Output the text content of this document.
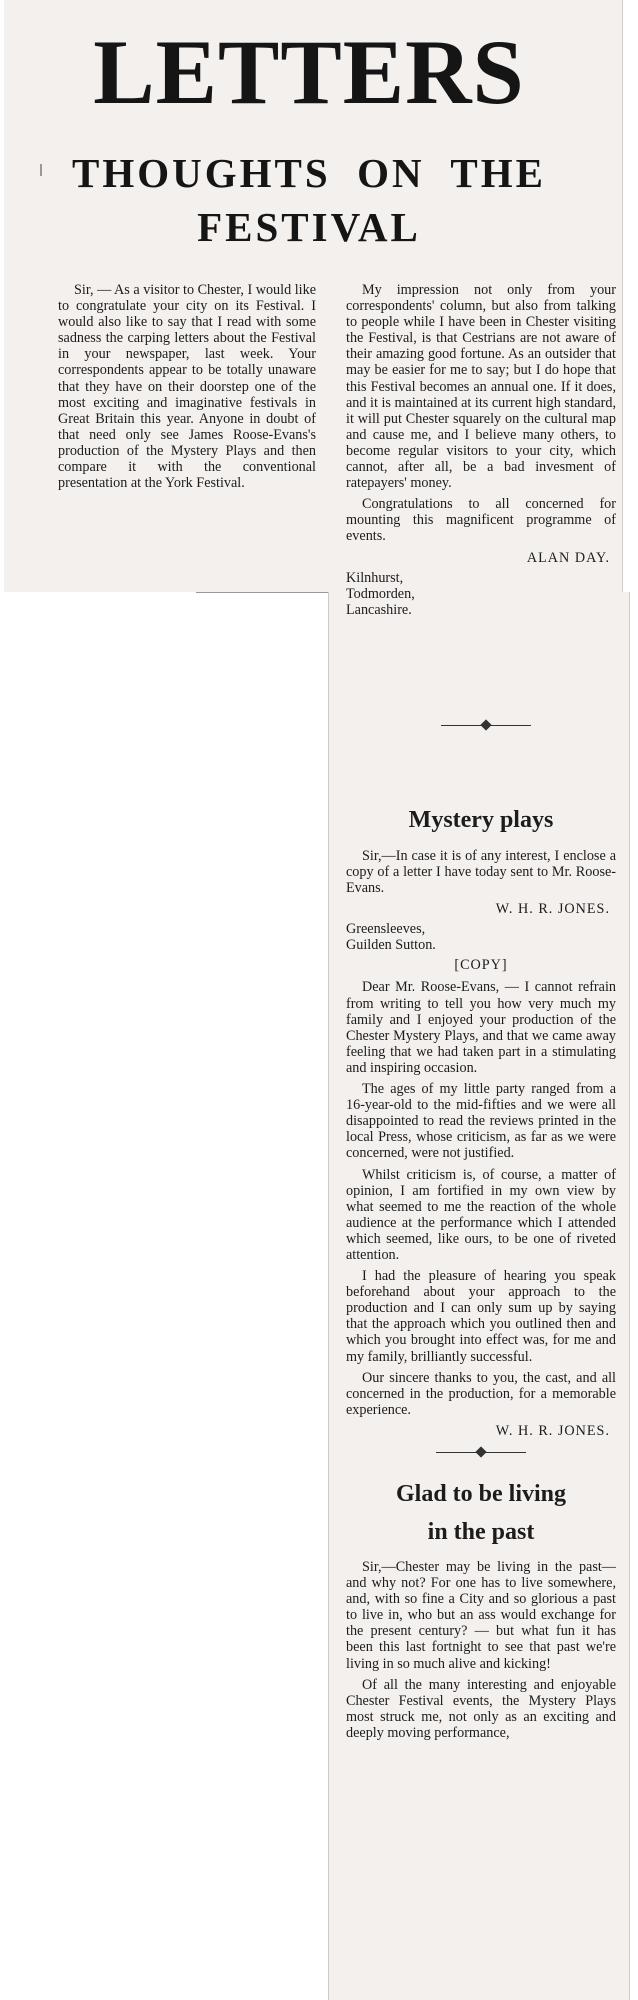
LETTERS
THOUGHTS  ON  THE
FESTIVAL

Sir, — As a visitor to Chester, I would like to congratulate your city on its Festival. I would also like to say that I read with some sadness the carping letters about the Festival in your newspaper, last week. Your correspondents appear to be totally unaware that they have on their doorstep one of the most exciting and imaginative festivals in Great Britain this year. Anyone in doubt of that need only see James Roose-Evans's production of the Mystery Plays and then compare it with the conventional presentation at the York Festival.

My impression not only from your correspondents' column, but also from talking to people while I have been in Chester visiting the Festival, is that Cestrians are not aware of their amazing good fortune. As an outsider that may be easier for me to say; but I do hope that this Festival becomes an annual one. If it does, and it is maintained at its current high standard, it will put Chester squarely on the cultural map and cause me, and I believe many others, to become regular visitors to your city, which cannot, after all, be a bad invesment of ratepayers' money.

Congratulations to all concerned for mounting this magnificent programme of events.

ALAN DAY.
Kilnhurst,
Todmorden,
Lancashire.
Mystery plays

Sir,—In case it is of any interest, I enclose a copy of a letter I have today sent to Mr. Roose-Evans.

W. H. R. JONES.
Greensleeves,
Guilden Sutton.
[COPY]

Dear Mr. Roose-Evans, — I cannot refrain from writing to tell you how very much my family and I enjoyed your production of the Chester Mystery Plays, and that we came away feeling that we had taken part in a stimulating and inspiring occasion.

The ages of my little party ranged from a 16-year-old to the mid-fifties and we were all disappointed to read the reviews printed in the local Press, whose criticism, as far as we were concerned, were not justified.

Whilst criticism is, of course, a matter of opinion, I am fortified in my own view by what seemed to me the reaction of the whole audience at the performance which I attended which seemed, like ours, to be one of riveted attention.

I had the pleasure of hearing you speak beforehand about your approach to the production and I can only sum up by saying that the approach which you outlined then and which you brought into effect was, for me and my family, brilliantly successful.

Our sincere thanks to you, the cast, and all concerned in the production, for a memorable experience.

W. H. R. JONES.
Glad to be living
in the past

Sir,—Chester may be living in the past—and why not? For one has to live somewhere, and, with so fine a City and so glorious a past to live in, who but an ass would exchange for the present century? — but what fun it has been this last fortnight to see that past we're living in so much alive and kicking!

Of all the many interesting and enjoyable Chester Festival events, the Mystery Plays most struck me, not only as an exciting and deeply moving performance,
